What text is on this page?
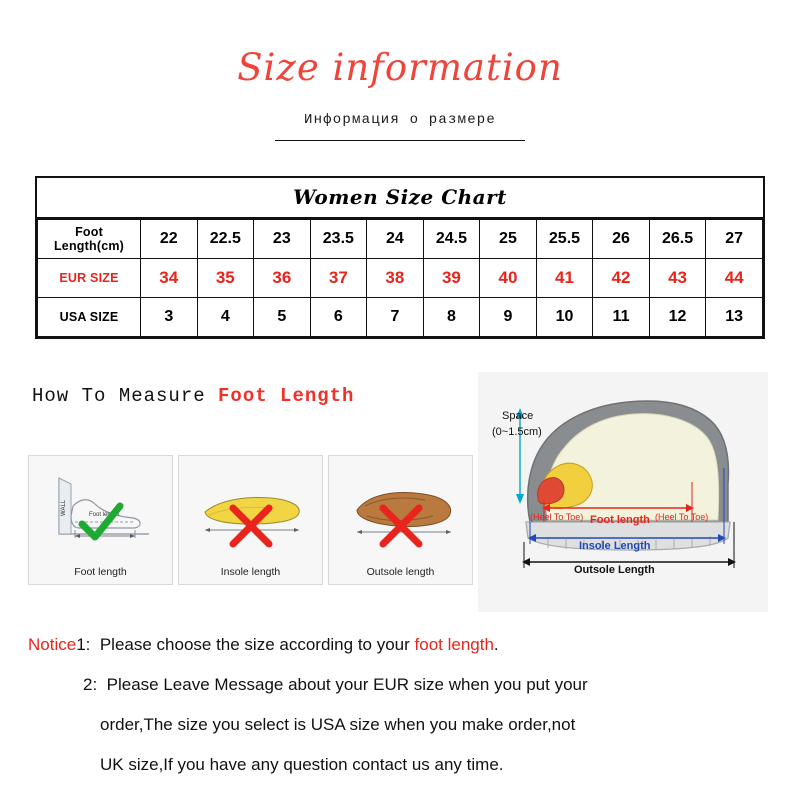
Size information
Информация о размере
Women Size Chart
Foot Length(cm)	22	22.5	23	23.5	24	24.5	25	25.5	26	26.5	27
EUR SIZE	34	35	36	37	38	39	40	41	42	43	44
USA SIZE	3	4	5	6	7	8	9	10	11	12	13
How To Measure Foot Length
Foot length
WALL
Foot length	Insole length	Outsole length
Space
(0~1.5cm)
(Heel To Toe)	(Heel To Toe)
Foot length
Insole Length
Outsole Length
Notice1: Please choose the size according to your foot length.
2: Please Leave Message about your EUR size when you put your
order,The size you select is USA size when you make order,not
UK size,If you have any question contact us any time.
